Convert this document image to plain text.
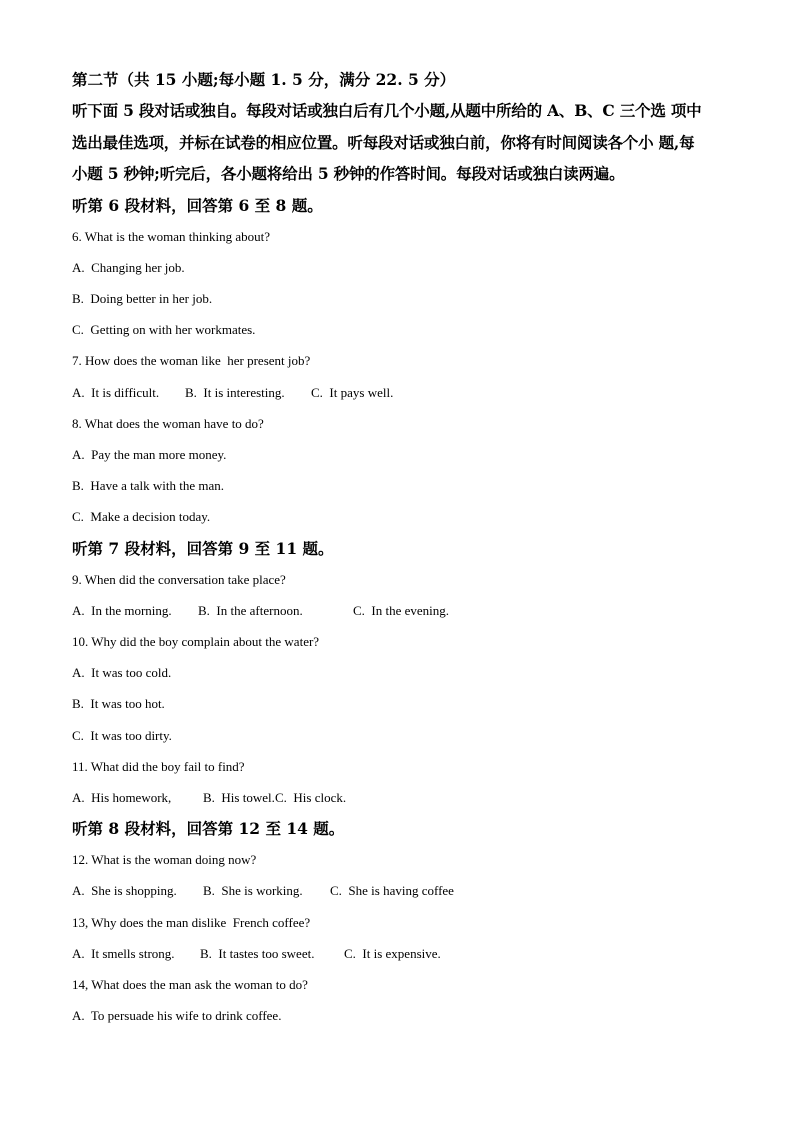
第二节（共 15 小题;每小题 1. 5 分，满分 22. 5 分）

听下面 5 段对话或独自。每段对话或独白后有几个小题,从题中所给的 A、B、C 三个选 项中

选出最佳选项，并标在试卷的相应位置。听每段对话或独白前，你将有时间阅读各个小 题,每

小题 5 秒钟;听完后，各小题将给出 5 秒钟的作答时间。每段对话或独白读两遍。

听第 6 段材料，回答第 6 至 8 题。

6. What is the woman thinking about?

A.  Changing her job.

B.  Doing better in her job.

C.  Getting on with her workmates.

7. How does the woman like  her present job?

A.  It is difficult. B.  It is interesting. C.  It pays well.

8. What does the woman have to do?

A.  Pay the man more money.

B.  Have a talk with the man.

C.  Make a decision today.

听第 7 段材料，回答第 9 至 11 题。

9. When did the conversation take place?

A.  In the morning. B.  In the afternoon.	C.  In the evening.

10. Why did the boy complain about the water?

A.  It was too cold.

B.  It was too hot.

C.  It was too dirty.

11. What did the boy fail to find?

A.  His homework, B.  His towel.C.  His clock.

听第 8 段材料，回答第 12 至 14 题。

12. What is the woman doing now?

A.  She is shopping. B.  She is working. C.  She is having coffee

13, Why does the man dislike  French coffee?

A.  It smells strong. B.  It tastes too sweet. C.  It is expensive.

14, What does the man ask the woman to do?

A.  To persuade his wife to drink coffee.
